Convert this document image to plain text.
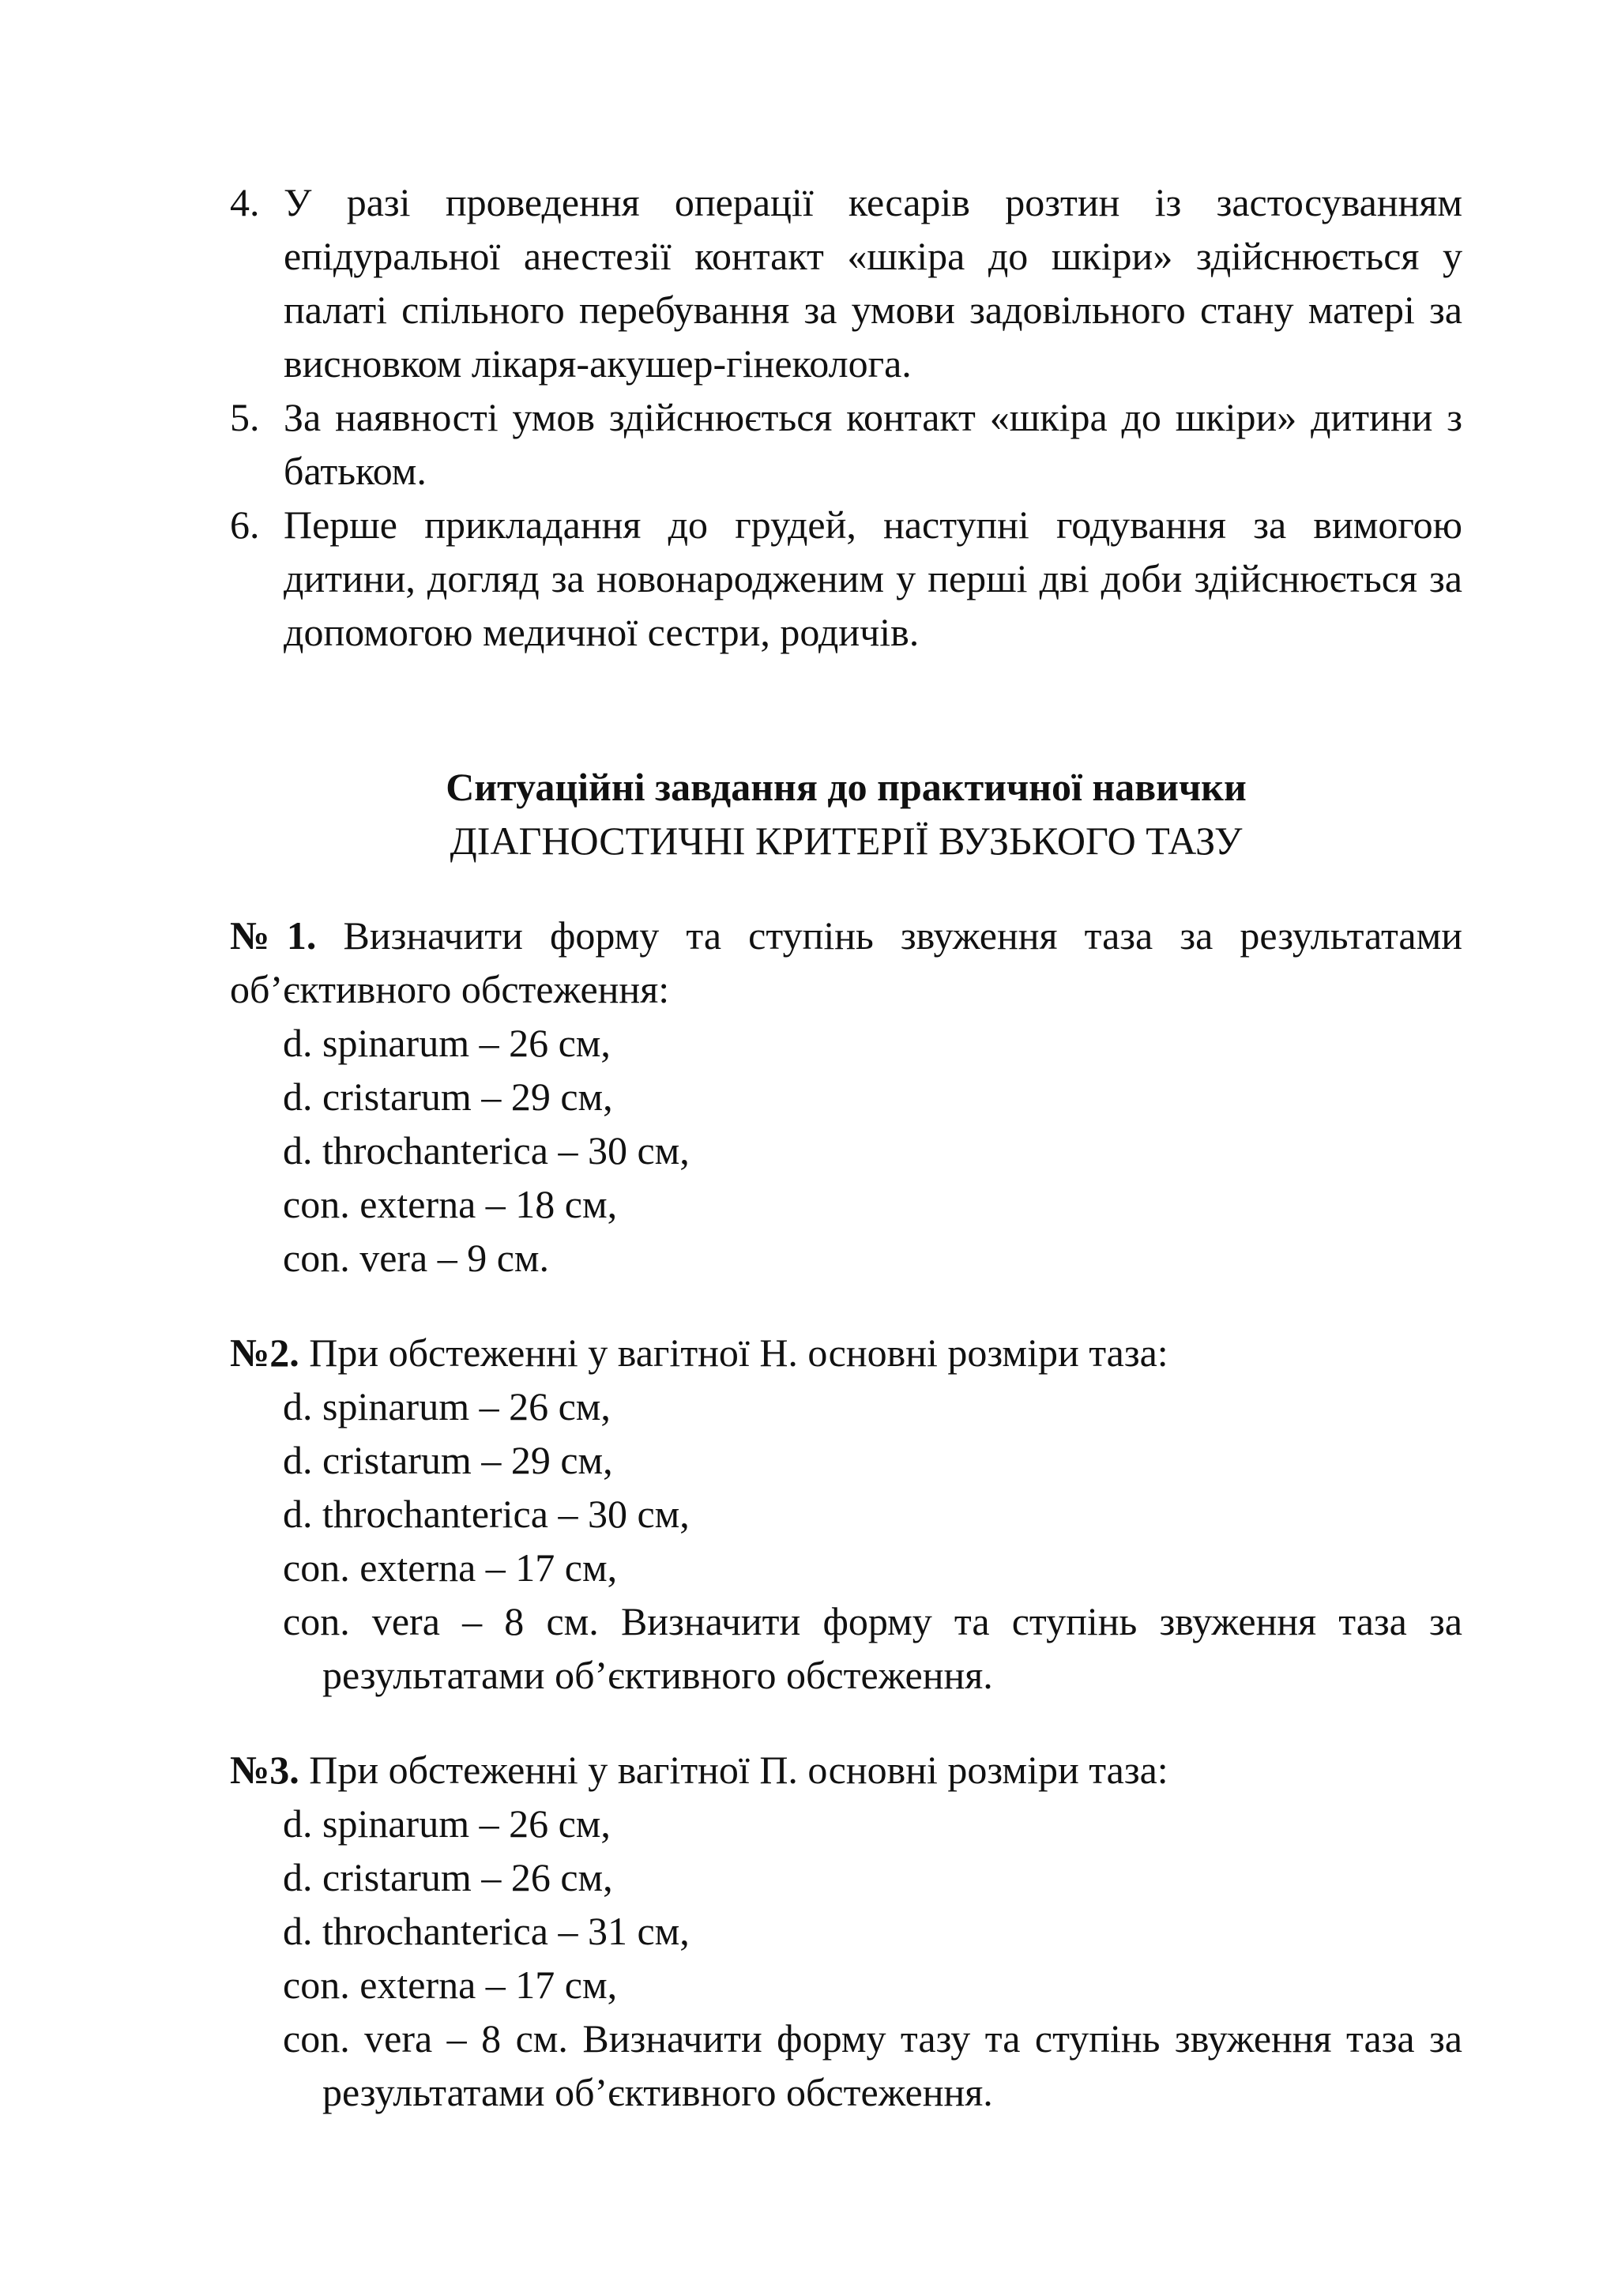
4. У разі проведення операції кесарів розтин із застосуванням епідуральної анестезії контакт «шкіра до шкіри» здійснюється у палаті спільного перебування за умови задовільного стану матері за висновком лікаря-акушер-гінеколога.
5. За наявності умов здійснюється контакт «шкіра до шкіри» дитини з батьком.
6. Перше прикладання до грудей, наступні годування за вимогою дитини, догляд за новонародженим у перші дві доби здійснюється за допомогою медичної сестри, родичів.
Ситуаційні завдання до практичної навички
ДІАГНОСТИЧНІ КРИТЕРІЇ ВУЗЬКОГО ТАЗУ

№1. Визначити форму та ступінь звуження таза за результатами об’єктивного обстеження:

d. spinarum – 26 см,
d. cristarum – 29 см,
d. throchanterica – 30 см,
con. externa – 18 см,
con. vera – 9 см.

№2. При обстеженні у вагітної Н. основні розміри таза:

d. spinarum – 26 см,
d. cristarum – 29 см,
d. throchanterica – 30 см,
con. externa – 17 см,
con. vera – 8 см. Визначити форму та ступінь звуження таза за результатами об’єктивного обстеження.

№3. При обстеженні у вагітної П. основні розміри таза:

d. spinarum – 26 см,
d. cristarum – 26 см,
d. throchanterica – 31 см,
con. externa – 17 см,
con. vera – 8 см. Визначити форму тазу та ступінь звуження таза за результатами об’єктивного обстеження.
